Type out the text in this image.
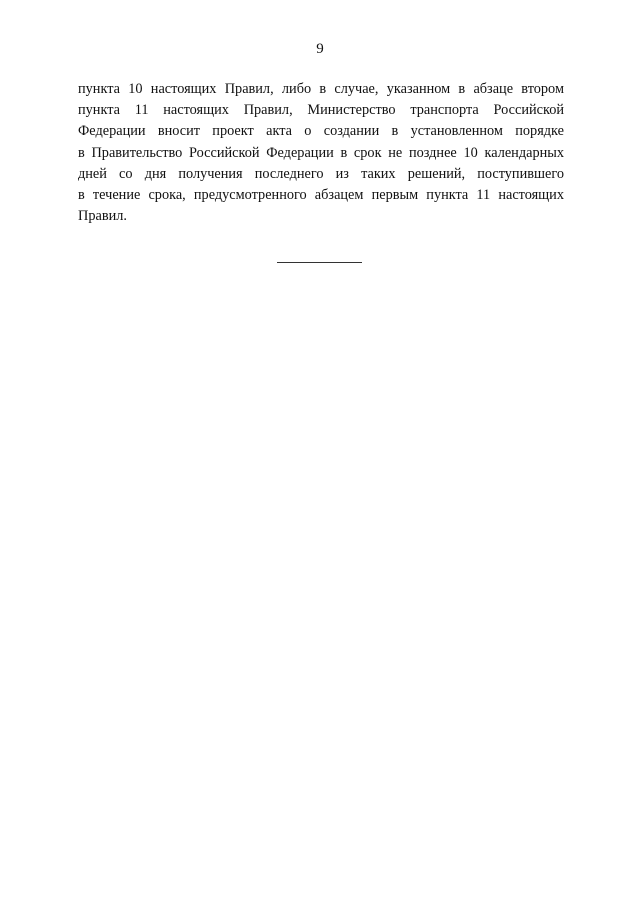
9
пункта 10 настоящих Правил, либо в случае, указанном в абзаце втором
пункта 11 настоящих Правил, Министерство транспорта Российской
Федерации вносит проект акта о создании в установленном порядке
в Правительство Российской Федерации в срок не позднее 10 календарных
дней со дня получения последнего из таких решений, поступившего
в течение срока, предусмотренного абзацем первым пункта 11 настоящих
Правил.
